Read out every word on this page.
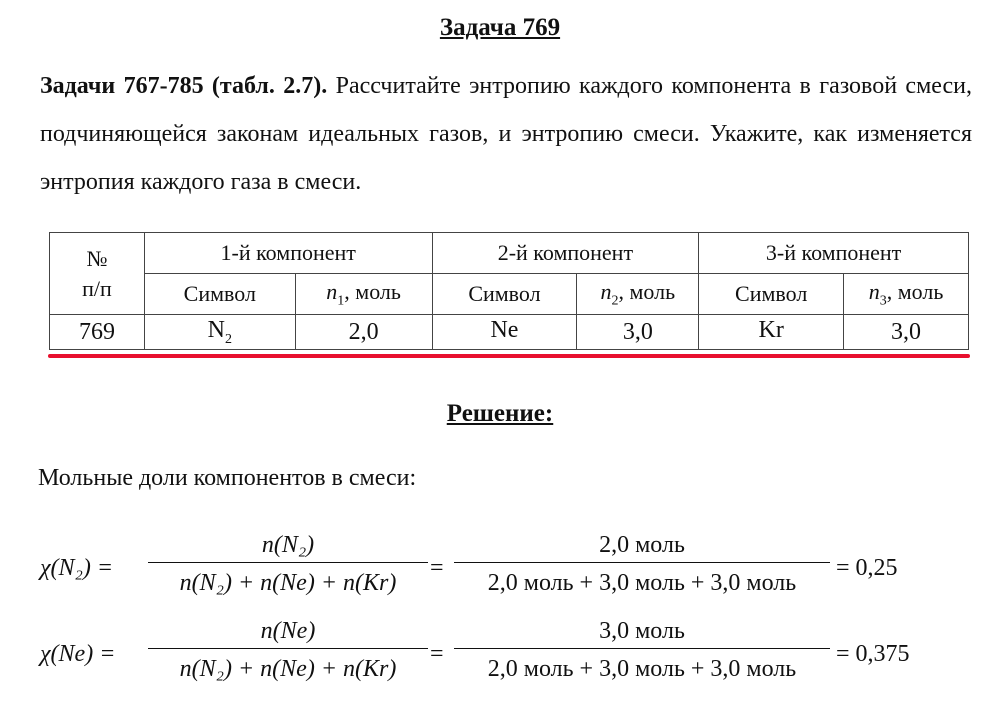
Задача 769
Задачи 767-785 (табл. 2.7). Рассчитайте энтропию каждого компонента в газовой смеси, подчиняющейся законам идеальных газов, и энтропию смеси. Укажите, как изменяется энтропия каждого газа в смеси.
№
п/п	1-й компонент		2-й компонент		3-й компонент	
	Символ	$n_1$, моль	Символ	$n_2$, моль	Символ	$n_3$, моль
769	$N_2$	2,0	Ne	3,0	Kr	3,0
Решение:
Мольные доли компонентов в смеси:
χ(N₂) =
n(N₂)
n(N₂) + n(Ne) + n(Kr)
=
2,0 моль
2,0 моль + 3,0 моль + 3,0 моль
= 0,25
χ(Ne) =
n(Ne)
n(N₂) + n(Ne) + n(Kr)
=
3,0 моль
2,0 моль + 3,0 моль + 3,0 моль
= 0,375
